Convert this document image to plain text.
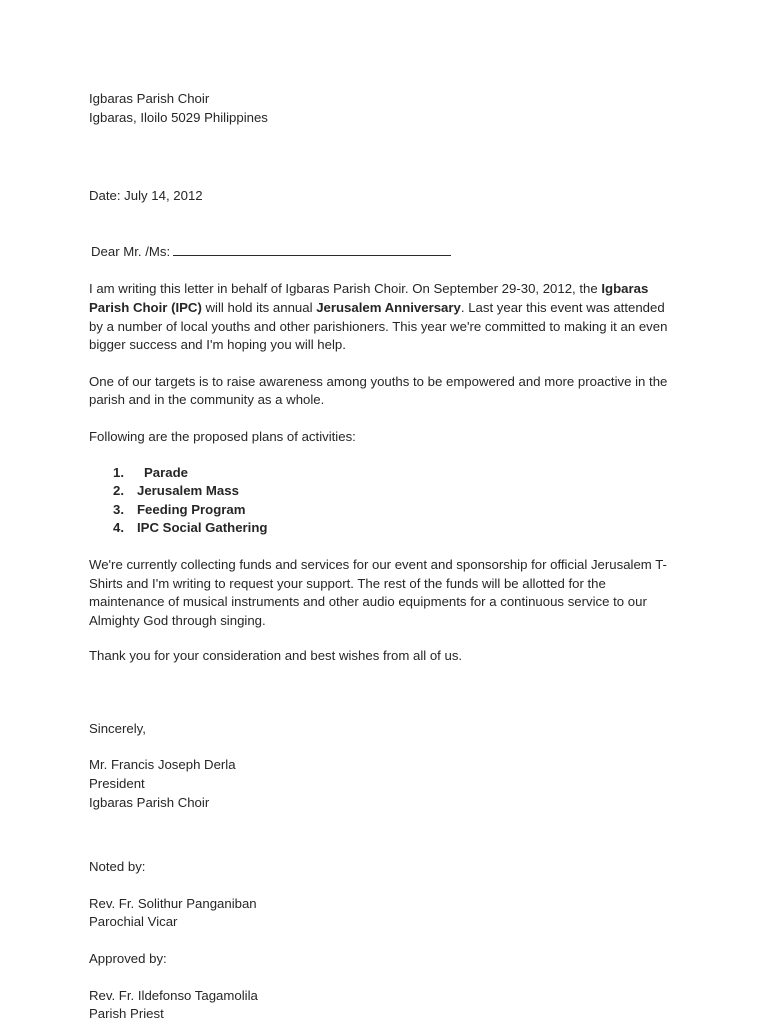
Igbaras Parish Choir
Igbaras, Iloilo 5029 Philippines
Date: July 14, 2012
Dear Mr. /Ms:

I am writing this letter in behalf of Igbaras Parish Choir. On September 29-30, 2012, the Igbaras Parish Choir (IPC) will hold its annual Jerusalem Anniversary. Last year this event was attended by a number of local youths and other parishioners. This year we're committed to making it an even bigger success and I'm hoping you will help.

One of our targets is to raise awareness among youths to be empowered and more proactive in the parish and in the community as a whole.

Following are the proposed plans of activities:

1.	Parade
2. Jerusalem Mass
3. Feeding Program
4. IPC Social Gathering

We're currently collecting funds and services for our event and sponsorship for official Jerusalem T-Shirts and I'm writing to request your support. The rest of the funds will be allotted for the maintenance of musical instruments and other audio equipments for a continuous service to our Almighty God through singing.

Thank you for your consideration and best wishes from all of us.

Sincerely,
Mr. Francis Joseph Derla
President
Igbaras Parish Choir
Noted by:
Rev. Fr. Solithur Panganiban
Parochial Vicar
Approved by:
Rev. Fr. Ildefonso Tagamolila
Parish Priest
